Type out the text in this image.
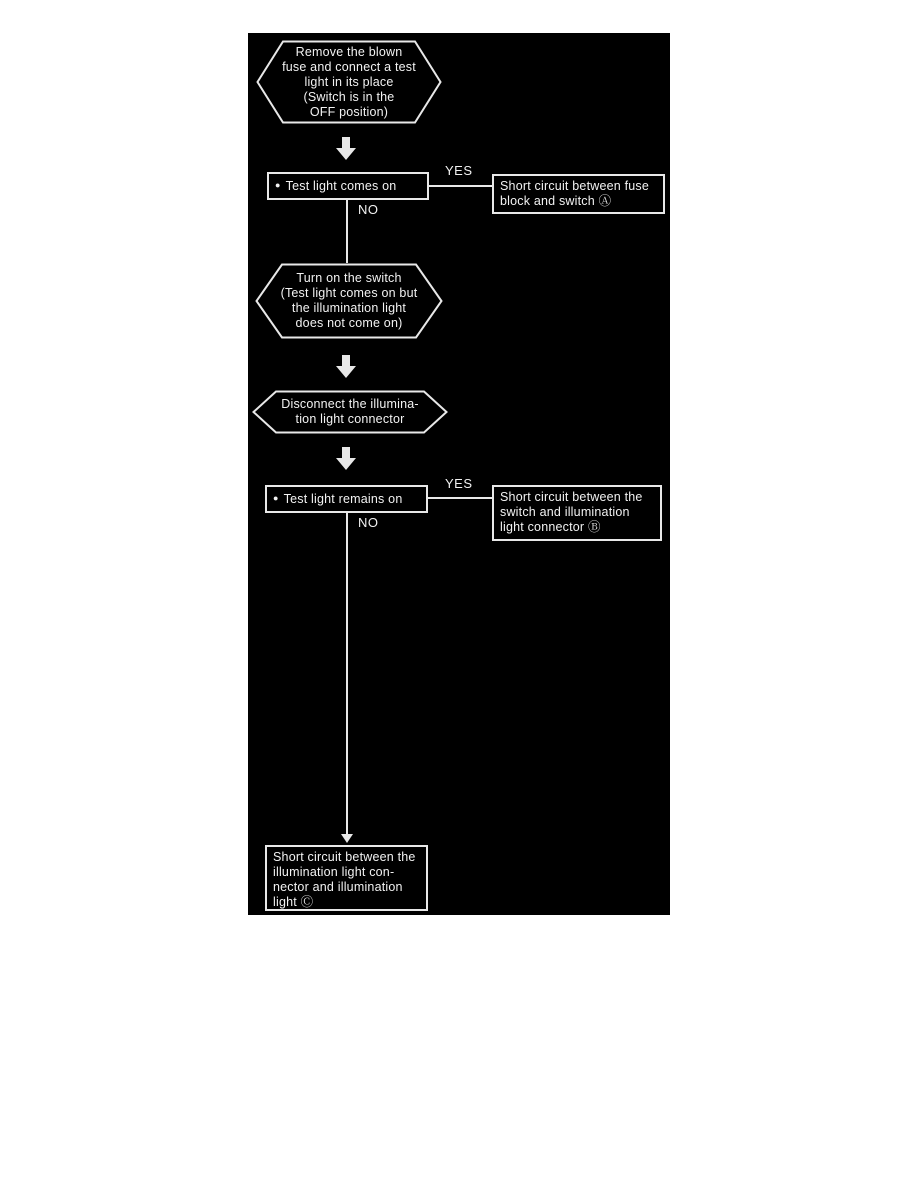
Remove the blown
fuse and connect a test
light in its place
(Switch is in the
OFF position)
● Test light comes on
YES
Short circuit between fuse
block and switch Ⓐ
NO
Turn on the switch
(Test light comes on but
the illumination light
does not come on)
Disconnect the illumina-
tion light connector
● Test light remains on
YES
Short circuit between the
switch and illumination
light connector Ⓑ
NO
Short circuit between the
illumination light con-
nector and illumination
light Ⓒ
